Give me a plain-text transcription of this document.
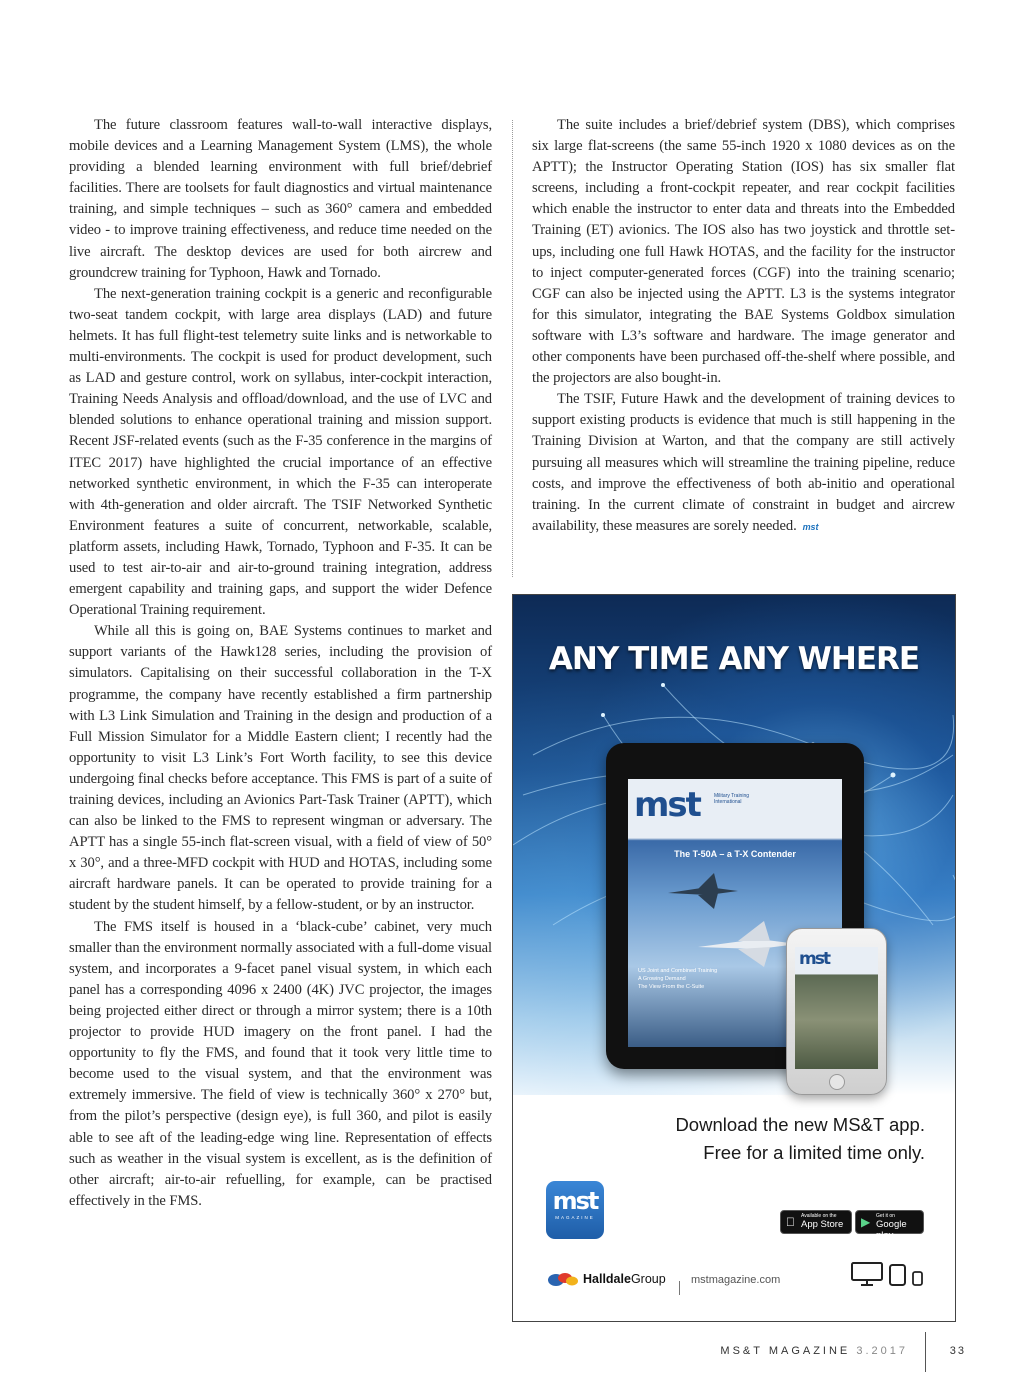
The future classroom features wall-to-wall interactive displays, mobile devices and a Learning Management System (LMS), the whole providing a blended learning environment with full brief/debrief facilities. There are toolsets for fault diagnostics and virtual maintenance training, and simple techniques – such as 360° camera and embedded video - to improve training effectiveness, and reduce time needed on the live aircraft. The desktop devices are used for both aircrew and groundcrew training for Typhoon, Hawk and Tornado.

The next-generation training cockpit is a generic and reconfigurable two-seat tandem cockpit, with large area displays (LAD) and future helmets. It has full flight-test telemetry suite links and is networkable to multi-environments. The cockpit is used for product development, such as LAD and gesture control, work on syllabus, inter-cockpit interaction, Training Needs Analysis and offload/download, and the use of LVC and blended solutions to enhance operational training and mission support. Recent JSF-related events (such as the F-35 conference in the margins of ITEC 2017) have highlighted the crucial importance of an effective networked synthetic environment, in which the F-35 can interoperate with 4th-generation and older aircraft. The TSIF Networked Synthetic Environment features a suite of concurrent, networkable, scalable, platform assets, including Hawk, Tornado, Typhoon and F-35. It can be used to test air-to-air and air-to-ground training integration, address emergent capability and training gaps, and support the wider Defence Operational Training requirement.

While all this is going on, BAE Systems continues to market and support variants of the Hawk128 series, including the provision of simulators. Capitalising on their successful collaboration in the T-X programme, the company have recently established a firm partnership with L3 Link Simulation and Training in the design and production of a Full Mission Simulator for a Middle Eastern client; I recently had the opportunity to visit L3 Link’s Fort Worth facility, to see this device undergoing final checks before acceptance. This FMS is part of a suite of training devices, including an Avionics Part-Task Trainer (APTT), which can also be linked to the FMS to represent wingman or adversary. The APTT has a single 55-inch flat-screen visual, with a field of view of 50° x 30°, and a three-MFD cockpit with HUD and HOTAS, including some aircraft hardware panels. It can be operated to provide training for a student by the student himself, by a fellow-student, or by an instructor.

The FMS itself is housed in a ‘black-cube’ cabinet, very much smaller than the environment normally associated with a full-dome visual system, and incorporates a 9-facet panel visual system, in which each panel has a corresponding 4096 x 2400 (4K) JVC projector, the images being projected either direct or through a mirror system; there is a 10th projector to provide HUD imagery on the front panel. I had the opportunity to fly the FMS, and found that it took very little time to become used to the visual system, and that the environment was extremely immersive. The field of view is technically 360° x 270° but, from the pilot’s perspective (design eye), is full 360, and pilot is easily able to see aft of the leading-edge wing line. Representation of effects such as weather in the visual system is excellent, as is the definition of other aircraft; air-to-air refuelling, for example, can be practised effectively in the FMS.

The suite includes a brief/debrief system (DBS), which comprises six large flat-screens (the same 55-inch 1920 x 1080 devices as on the APTT); the Instructor Operating Station (IOS) has six smaller flat screens, including a front-cockpit repeater, and rear cockpit facilities which enable the instructor to enter data and threats into the Embedded Training (ET) avionics. The IOS also has two joystick and throttle set-ups, including one full Hawk HOTAS, and the facility for the instructor to inject computer-generated forces (CGF) into the training scenario; CGF can also be injected using the APTT. L3 is the systems integrator for this simulator, integrating the BAE Systems Goldbox simulation software with L3’s software and hardware. The image generator and other components have been purchased off-the-shelf where possible, and the projectors are also bought-in.

The TSIF, Future Hawk and the development of training devices to support existing products is evidence that much is still happening in the Training Division at Warton, and that the company are still actively pursuing all measures which will streamline the training pipeline, reduce costs, and improve the effectiveness of both ab-initio and operational training. In the current climate of constraint in budget and aircrew availability, these measures are sorely needed. mst

ANY TIME ANY WHERE
mst	Military Training International
The T-50A – a T-X Contender
US Joint and Combined Training
A Growing Demand
The View From the C-Suite
mst
Download the new MS&T app.
Free for a limited time only.
mst
MAGAZINE	Available on the
App Store ▶ Get it on
Google play
HalldaleGroup mstmagazine.com
MS&T MAGAZINE 3.2017	33
